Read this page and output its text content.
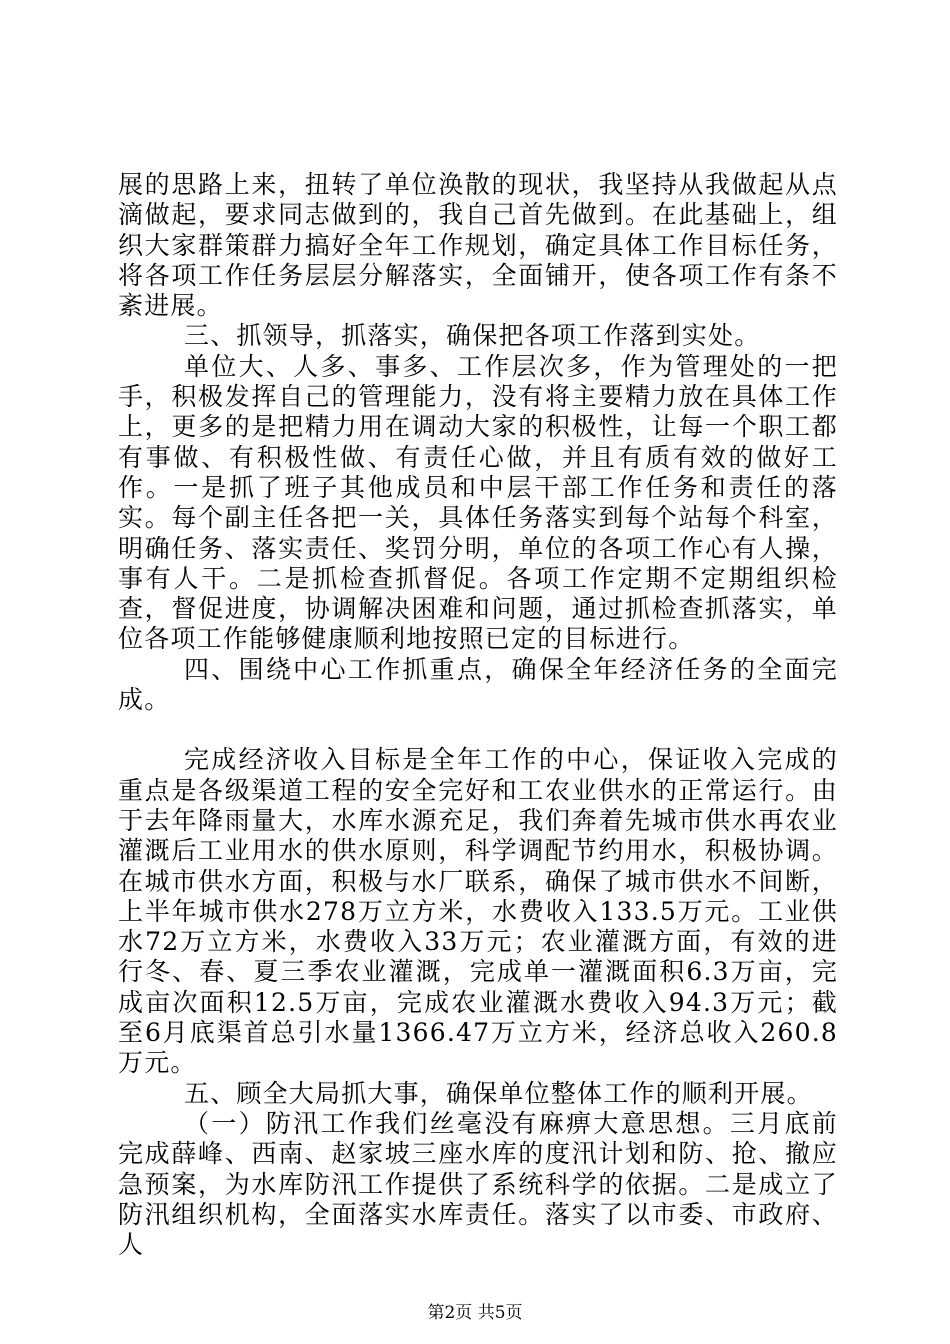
展的思路上来，扭转了单位涣散的现状，我坚持从我做起从点滴做起，要求同志做到的，我自己首先做到。在此基础上，组织大家群策群力搞好全年工作规划，确定具体工作目标任务，将各项工作任务层层分解落实，全面铺开，使各项工作有条不紊进展。

三、抓领导，抓落实，确保把各项工作落到实处。

单位大、人多、事多、工作层次多，作为管理处的一把手，积极发挥自己的管理能力，没有将主要精力放在具体工作上，更多的是把精力用在调动大家的积极性，让每一个职工都有事做、有积极性做、有责任心做，并且有质有效的做好工作。一是抓了班子其他成员和中层干部工作任务和责任的落实。每个副主任各把一关，具体任务落实到每个站每个科室，明确任务、落实责任、奖罚分明，单位的各项工作心有人操，事有人干。二是抓检查抓督促。各项工作定期不定期组织检查，督促进度，协调解决困难和问题，通过抓检查抓落实，单位各项工作能够健康顺利地按照已定的目标进行。

四、围绕中心工作抓重点，确保全年经济任务的全面完成。

完成经济收入目标是全年工作的中心，保证收入完成的重点是各级渠道工程的安全完好和工农业供水的正常运行。由于去年降雨量大，水库水源充足，我们奔着先城市供水再农业灌溉后工业用水的供水原则，科学调配节约用水，积极协调。在城市供水方面，积极与水厂联系，确保了城市供水不间断，上半年城市供水278万立方米，水费收入133.5万元。工业供水72万立方米，水费收入33万元；农业灌溉方面，有效的进行冬、春、夏三季农业灌溉，完成单一灌溉面积6.3万亩，完成亩次面积12.5万亩，完成农业灌溉水费收入94.3万元；截至6月底渠首总引水量1366.47万立方米，经济总收入260.8万元。

五、顾全大局抓大事，确保单位整体工作的顺利开展。

（一）防汛工作我们丝毫没有麻痹大意思想。三月底前完成薛峰、西南、赵家坡三座水库的度汛计划和防、抢、撤应急预案，为水库防汛工作提供了系统科学的依据。二是成立了防汛组织机构，全面落实水库责任。落实了以市委、市政府、人

第2页 共5页
